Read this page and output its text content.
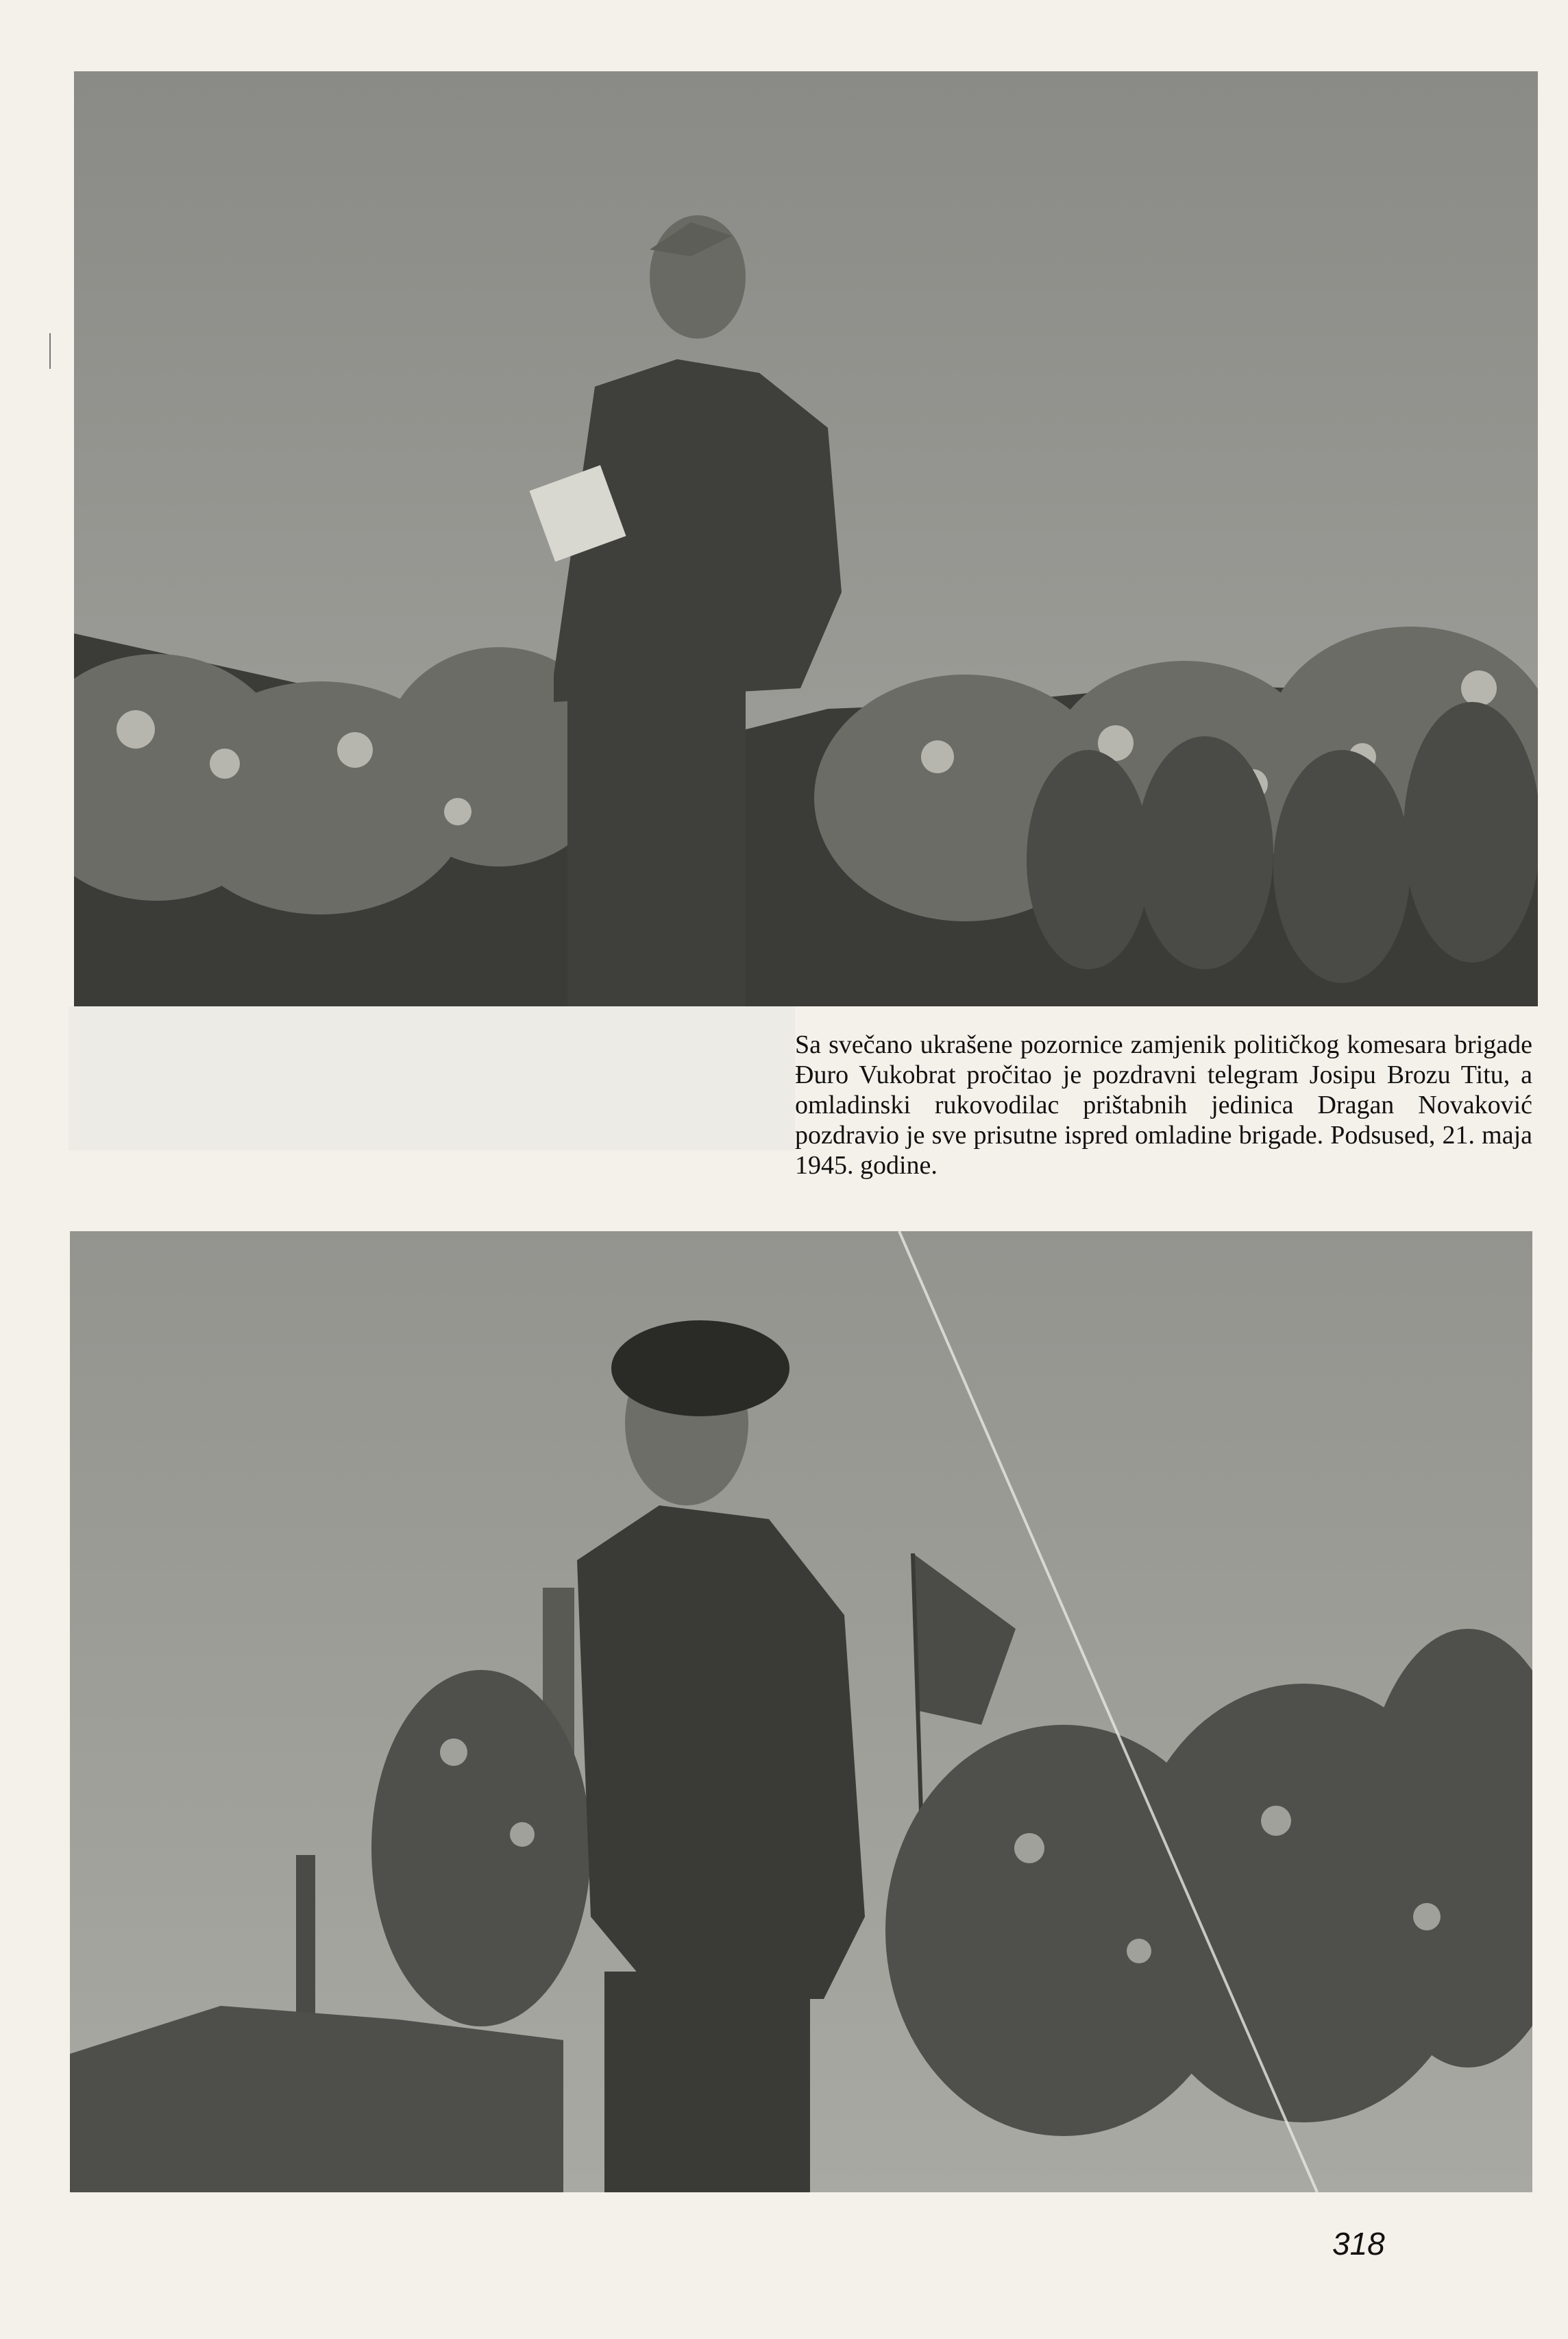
Sa svečano ukrašene pozornice zamjenik političkog komesara brigade Đuro Vukobrat pročitao je pozdravni telegram Josipu Brozu Titu, a omladinski rukovodilac prištabnih jedinica Dragan Novaković pozdravio je sve prisutne ispred omladine brigade. Podsused, 21. maja 1945. godine.

318
